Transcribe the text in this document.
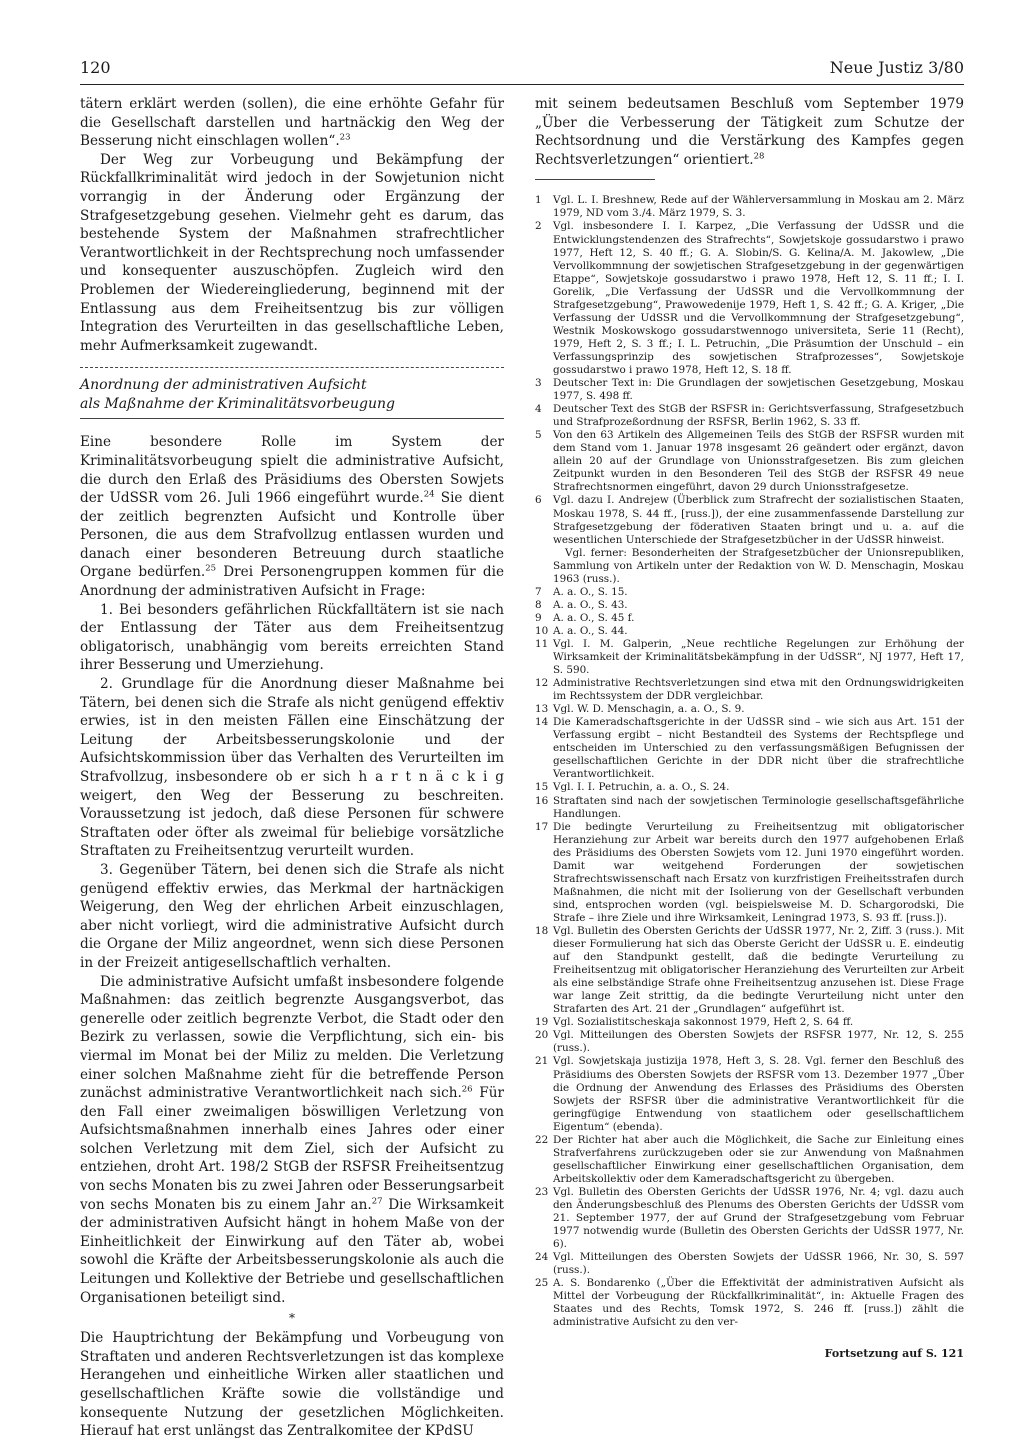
120	Neue Justiz 3/80

tätern erklärt werden (sollen), die eine erhöhte Gefahr für die Gesellschaft darstellen und hartnäckig den Weg der Besserung nicht einschlagen wollen“.$^{23}$

Der Weg zur Vorbeugung und Bekämpfung der Rückfallkriminalität wird jedoch in der Sowjetunion nicht vorrangig in der Änderung oder Ergänzung der Strafgesetzgebung gesehen. Vielmehr geht es darum, das bestehende System der Maßnahmen strafrechtlicher Verantwortlichkeit in der Rechtsprechung noch umfassender und konsequenter auszuschöpfen. Zugleich wird den Problemen der Wiedereingliederung, beginnend mit der Entlassung aus dem Freiheitsentzug bis zur völligen Integration des Verurteilten in das gesellschaftliche Leben, mehr Aufmerksamkeit zugewandt.

Anordnung der administrativen Aufsicht
als Maßnahme der Kriminalitätsvorbeugung

Eine besondere Rolle im System der Kriminalitätsvorbeugung spielt die administrative Aufsicht, die durch den Erlaß des Präsidiums des Obersten Sowjets der UdSSR vom 26. Juli 1966 eingeführt wurde.$^{24}$ Sie dient der zeitlich begrenzten Aufsicht und Kontrolle über Personen, die aus dem Strafvollzug entlassen wurden und danach einer besonderen Betreuung durch staatliche Organe bedürfen.$^{25}$ Drei Personengruppen kommen für die Anordnung der administrativen Aufsicht in Frage:

1. Bei besonders gefährlichen Rückfalltätern ist sie nach der Entlassung der Täter aus dem Freiheitsentzug obligatorisch, unabhängig vom bereits erreichten Stand ihrer Besserung und Umerziehung.

2. Grundlage für die Anordnung dieser Maßnahme bei Tätern, bei denen sich die Strafe als nicht genügend effektiv erwies, ist in den meisten Fällen eine Einschätzung der Leitung der Arbeitsbesserungskolonie und der Aufsichtskommission über das Verhalten des Verurteilten im Strafvollzug, insbesondere ob er sich h a r t n ä c k i g weigert, den Weg der Besserung zu beschreiten. Voraussetzung ist jedoch, daß diese Personen für schwere Straftaten oder öfter als zweimal für beliebige vorsätzliche Straftaten zu Freiheitsentzug verurteilt wurden.

3. Gegenüber Tätern, bei denen sich die Strafe als nicht genügend effektiv erwies, das Merkmal der hartnäckigen Weigerung, den Weg der ehrlichen Arbeit einzuschlagen, aber nicht vorliegt, wird die administrative Aufsicht durch die Organe der Miliz angeordnet, wenn sich diese Personen in der Freizeit antigesellschaftlich verhalten.

Die administrative Aufsicht umfaßt insbesondere folgende Maßnahmen: das zeitlich begrenzte Ausgangsverbot, das generelle oder zeitlich begrenzte Verbot, die Stadt oder den Bezirk zu verlassen, sowie die Verpflichtung, sich ein- bis viermal im Monat bei der Miliz zu melden. Die Verletzung einer solchen Maßnahme zieht für die betreffende Person zunächst administrative Verantwortlichkeit nach sich.$^{26}$ Für den Fall einer zweimaligen böswilligen Verletzung von Aufsichtsmaßnahmen innerhalb eines Jahres oder einer solchen Verletzung mit dem Ziel, sich der Aufsicht zu entziehen, droht Art. 198/2 StGB der RSFSR Freiheitsentzug von sechs Monaten bis zu zwei Jahren oder Besserungsarbeit von sechs Monaten bis zu einem Jahr an.$^{27}$ Die Wirksamkeit der administrativen Aufsicht hängt in hohem Maße von der Einheitlichkeit der Einwirkung auf den Täter ab, wobei sowohl die Kräfte der Arbeitsbesserungskolonie als auch die Leitungen und Kollektive der Betriebe und gesellschaftlichen Organisationen beteiligt sind.

*

Die Hauptrichtung der Bekämpfung und Vorbeugung von Straftaten und anderen Rechtsverletzungen ist das komplexe Herangehen und einheitliche Wirken aller staatlichen und gesellschaftlichen Kräfte sowie die vollständige und konsequente Nutzung der gesetzlichen Möglichkeiten. Hierauf hat erst unlängst das Zentralkomitee der KPdSU

mit seinem bedeutsamen Beschluß vom September 1979 „Über die Verbesserung der Tätigkeit zum Schutze der Rechtsordnung und die Verstärkung des Kampfes gegen Rechtsverletzungen“ orientiert.$^{28}$

1	Vgl. L. I. Breshnew, Rede auf der Wählerversammlung in Moskau am 2. März 1979, ND vom 3./4. März 1979, S. 3.
2	Vgl. insbesondere I. I. Karpez, „Die Verfassung der UdSSR und die Entwicklungstendenzen des Strafrechts“, Sowjetskoje gossudarstwo i prawo 1977, Heft 12, S. 40 ff.; G. A. Slobin/S. G. Kelina/A. M. Jakowlew, „Die Vervollkommnung der sowjetischen Strafgesetzgebung in der gegenwärtigen Etappe“, Sowjetskoje gossudarstwo i prawo 1978, Heft 12, S. 11 ff.; I. I. Gorelik, „Die Verfassung der UdSSR und die Vervollkommnung der Strafgesetzgebung“, Prawowedenije 1979, Heft 1, S. 42 ff.; G. A. Kriger, „Die Verfassung der UdSSR und die Vervollkommnung der Strafgesetzgebung“, Westnik Moskowskogo gossudarstwennogo universiteta, Serie 11 (Recht), 1979, Heft 2, S. 3 ff.; I. L. Petruchin, „Die Präsumtion der Unschuld – ein Verfassungsprinzip des sowjetischen Strafprozesses“, Sowjetskoje gossudarstwo i prawo 1978, Heft 12, S. 18 ff.
3	Deutscher Text in: Die Grundlagen der sowjetischen Gesetzgebung, Moskau 1977, S. 498 ff.
4	Deutscher Text des StGB der RSFSR in: Gerichtsverfassung, Strafgesetzbuch und Strafprozeßordnung der RSFSR, Berlin 1962, S. 33 ff.
5	Von den 63 Artikeln des Allgemeinen Teils des StGB der RSFSR wurden mit dem Stand vom 1. Januar 1978 insgesamt 26 geändert oder ergänzt, davon allein 20 auf der Grundlage von Unionsstrafgesetzen. Bis zum gleichen Zeitpunkt wurden in den Besonderen Teil des StGB der RSFSR 49 neue Strafrechtsnormen eingeführt, davon 29 durch Unionsstrafgesetze.
6	Vgl. dazu I. Andrejew (Überblick zum Strafrecht der sozialistischen Staaten, Moskau 1978, S. 44 ff., [russ.]), der eine zusammenfassende Darstellung zur Strafgesetzgebung der föderativen Staaten bringt und u. a. auf die wesentlichen Unterschiede der Strafgesetzbücher in der UdSSR hinweist.

Vgl. ferner: Besonderheiten der Strafgesetzbücher der Unionsrepubliken, Sammlung von Artikeln unter der Redaktion von W. D. Menschagin, Moskau 1963 (russ.).

7	A. a. O., S. 15.
8	A. a. O., S. 43.
9	A. a. O., S. 45 f.
10 A. a. O., S. 44.
11 Vgl. I. M. Galperin, „Neue rechtliche Regelungen zur Erhöhung der Wirksamkeit der Kriminalitätsbekämpfung in der UdSSR“, NJ 1977, Heft 17, S. 590.
12 Administrative Rechtsverletzungen sind etwa mit den Ordnungswidrigkeiten im Rechtssystem der DDR vergleichbar.
13 Vgl. W. D. Menschagin, a. a. O., S. 9.
14 Die Kameradschaftsgerichte in der UdSSR sind – wie sich aus Art. 151 der Verfassung ergibt – nicht Bestandteil des Systems der Rechtspflege und entscheiden im Unterschied zu den verfassungsmäßigen Befugnissen der gesellschaftlichen Gerichte in der DDR nicht über die strafrechtliche Verantwortlichkeit.
15 Vgl. I. I. Petruchin, a. a. O., S. 24.
16 Straftaten sind nach der sowjetischen Terminologie gesellschaftsgefährliche Handlungen.
17 Die bedingte Verurteilung zu Freiheitsentzug mit obligatorischer Heranziehung zur Arbeit war bereits durch den 1977 aufgehobenen Erlaß des Präsidiums des Obersten Sowjets vom 12. Juni 1970 eingeführt worden. Damit war weitgehend Forderungen der sowjetischen Strafrechtswissenschaft nach Ersatz von kurzfristigen Freiheitsstrafen durch Maßnahmen, die nicht mit der Isolierung von der Gesellschaft verbunden sind, entsprochen worden (vgl. beispielsweise M. D. Schargorodski, Die Strafe – ihre Ziele und ihre Wirksamkeit, Leningrad 1973, S. 93 ff. [russ.]).
18 Vgl. Bulletin des Obersten Gerichts der UdSSR 1977, Nr. 2, Ziff. 3 (russ.). Mit dieser Formulierung hat sich das Oberste Gericht der UdSSR u. E. eindeutig auf den Standpunkt gestellt, daß die bedingte Verurteilung zu Freiheitsentzug mit obligatorischer Heranziehung des Verurteilten zur Arbeit als eine selbständige Strafe ohne Freiheitsentzug anzusehen ist. Diese Frage war lange Zeit strittig, da die bedingte Verurteilung nicht unter den Strafarten des Art. 21 der „Grundlagen“ aufgeführt ist.
19 Vgl. Sozialistitscheskaja sakonnost 1979, Heft 2, S. 64 ff.
20 Vgl. Mitteilungen des Obersten Sowjets der RSFSR 1977, Nr. 12, S. 255 (russ.).
21 Vgl. Sowjetskaja justizija 1978, Heft 3, S. 28. Vgl. ferner den Beschluß des Präsidiums des Obersten Sowjets der RSFSR vom 13. Dezember 1977 „Über die Ordnung der Anwendung des Erlasses des Präsidiums des Obersten Sowjets der RSFSR über die administrative Verantwortlichkeit für die geringfügige Entwendung von staatlichem oder gesellschaftlichem Eigentum“ (ebenda).
22 Der Richter hat aber auch die Möglichkeit, die Sache zur Einleitung eines Strafverfahrens zurückzugeben oder sie zur Anwendung von Maßnahmen gesellschaftlicher Einwirkung einer gesellschaftlichen Organisation, dem Arbeitskollektiv oder dem Kameradschaftsgericht zu übergeben.
23 Vgl. Bulletin des Obersten Gerichts der UdSSR 1976, Nr. 4; vgl. dazu auch den Änderungsbeschluß des Plenums des Obersten Gerichts der UdSSR vom 21. September 1977, der auf Grund der Strafgesetzgebung vom Februar 1977 notwendig wurde (Bulletin des Obersten Gerichts der UdSSR 1977, Nr. 6).
24 Vgl. Mitteilungen des Obersten Sowjets der UdSSR 1966, Nr. 30, S. 597 (russ.).
25 A. S. Bondarenko („Über die Effektivität der administrativen Aufsicht als Mittel der Vorbeugung der Rückfallkriminalität“, in: Aktuelle Fragen des Staates und des Rechts, Tomsk 1972, S. 246 ff. [russ.]) zählt die administrative Aufsicht zu den ver-
Fortsetzung auf S. 121
